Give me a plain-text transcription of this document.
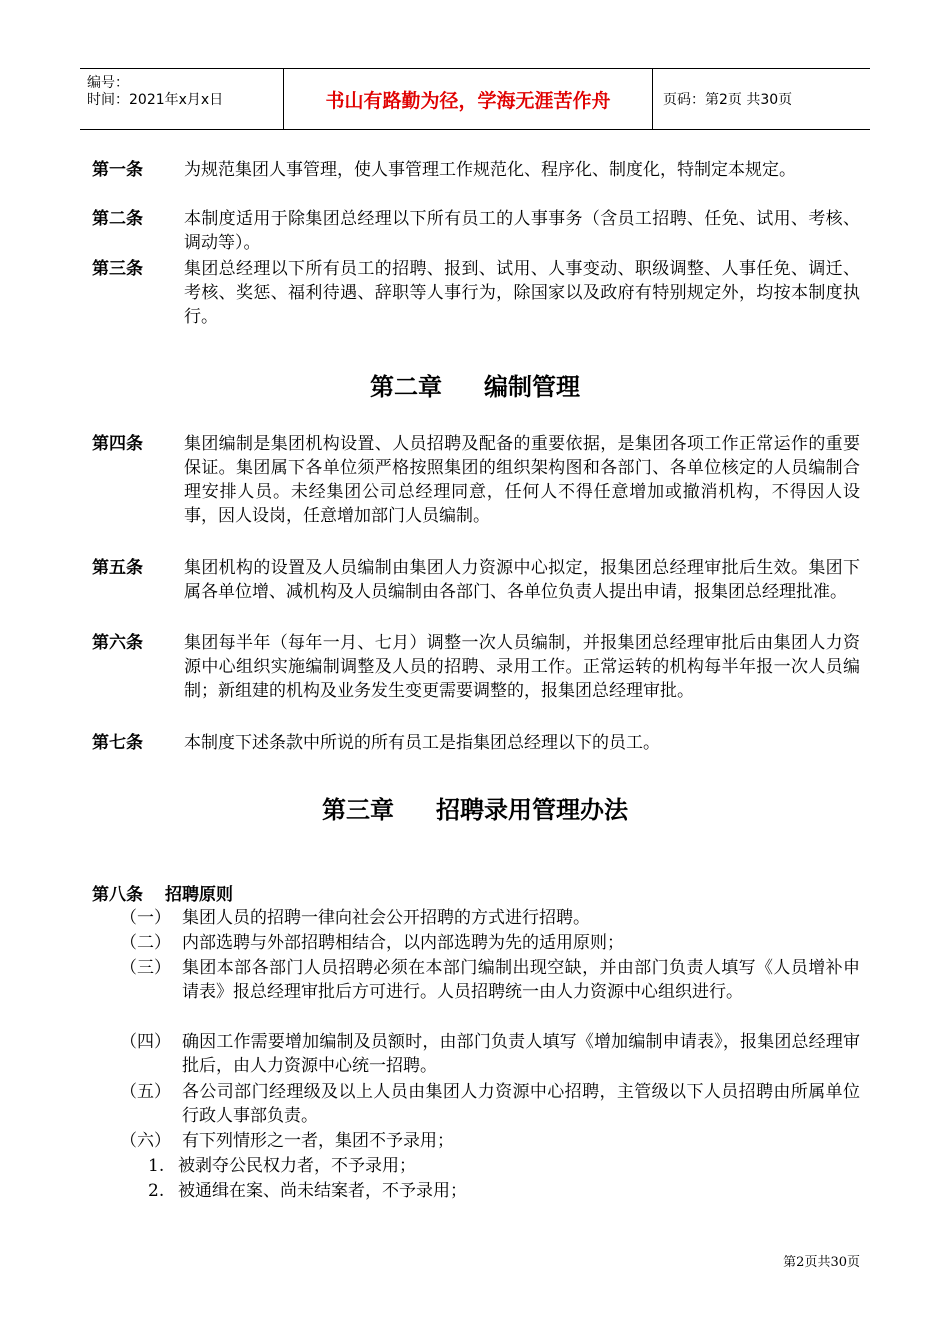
编号：
时间：2021年x月x日	书山有路勤为径，学海无涯苦作舟	页码：第2页 共30页
第一条	为规范集团人事管理，使人事管理工作规范化、程序化、制度化，特制定本规定。
第二条	本制度适用于除集团总经理以下所有员工的人事事务（含员工招聘、任免、试用、考核、调动等）。
第三条	集团总经理以下所有员工的招聘、报到、试用、人事变动、职级调整、人事任免、调迁、考核、奖惩、福利待遇、辞职等人事行为，除国家以及政府有特别规定外，均按本制度执行。
第二章 编制管理
第四条	集团编制是集团机构设置、人员招聘及配备的重要依据，是集团各项工作正常运作的重要保证。集团属下各单位须严格按照集团的组织架构图和各部门、各单位核定的人员编制合理安排人员。未经集团公司总经理同意，任何人不得任意增加或撤消机构，不得因人设事，因人设岗，任意增加部门人员编制。
第五条	集团机构的设置及人员编制由集团人力资源中心拟定，报集团总经理审批后生效。集团下属各单位增、减机构及人员编制由各部门、各单位负责人提出申请，报集团总经理批准。
第六条	集团每半年（每年一月、七月）调整一次人员编制，并报集团总经理审批后由集团人力资源中心组织实施编制调整及人员的招聘、录用工作。正常运转的机构每半年报一次人员编制；新组建的机构及业务发生变更需要调整的，报集团总经理审批。
第七条	本制度下述条款中所说的所有员工是指集团总经理以下的员工。
第三章 招聘录用管理办法
第八条 招聘原则
（一） 集团人员的招聘一律向社会公开招聘的方式进行招聘。
（二） 内部选聘与外部招聘相结合，以内部选聘为先的适用原则；
（三） 集团本部各部门人员招聘必须在本部门编制出现空缺，并由部门负责人填写《人员增补申请表》报总经理审批后方可进行。人员招聘统一由人力资源中心组织进行。
（四） 确因工作需要增加编制及员额时，由部门负责人填写《增加编制申请表》，报集团总经理审批后，由人力资源中心统一招聘。
（五） 各公司部门经理级及以上人员由集团人力资源中心招聘，主管级以下人员招聘由所属单位行政人事部负责。
（六） 有下列情形之一者，集团不予录用；
1. 被剥夺公民权力者，不予录用；
2. 被通缉在案、尚未结案者，不予录用；
第2页共30页
